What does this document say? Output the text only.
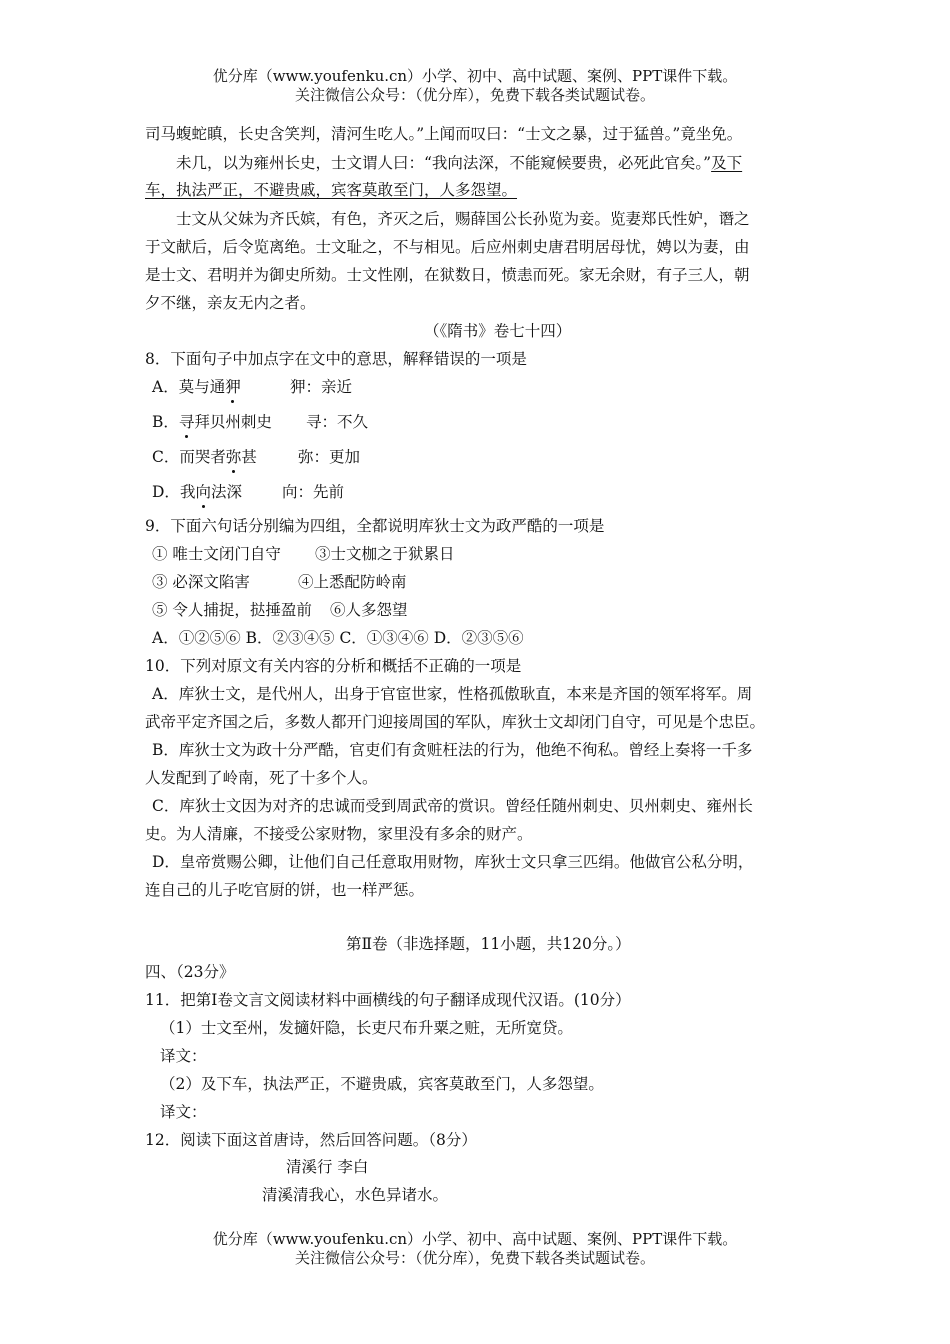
优分库（www.youfenku.cn）小学、初中、高中试题、案例、PPT课件下载。
关注微信公众号：（优分库），免费下载各类试题试卷。
司马蝮蛇瞋，长史含笑判，清河生吃人。”上闻而叹曰：“士文之暴，过于猛兽。”竟坐免。
未几，以为雍州长史，士文谓人曰：“我向法深，不能窥候要贵，必死此官矣。”及下
车，执法严正，不避贵戚，宾客莫敢至门，人多怨望。
士文从父妹为齐氏嫔，有色，齐灭之后，赐薛国公长孙览为妾。览妻郑氏性妒，谮之
于文献后，后令览离绝。士文耻之，不与相见。后应州刺史唐君明居母忧，娉以为妻，由
是士文、君明并为御史所劾。士文性刚，在狱数日，愤恚而死。家无余财，有子三人，朝
夕不继，亲友无内之者。
（《隋书》卷七十四）
8．下面句子中加点字在文中的意思，解释错误的一项是
A．莫与通狎	狎：亲近
B．寻拜贝州刺史 寻：不久
C．而哭者弥甚	弥：更加
D．我向法深	向：先前
9．下面六句话分别编为四组，全都说明库狄士文为政严酷的一项是
① 唯士文闭门自守 ③士文枷之于狱累日
③ 必深文陷害	④上悉配防岭南
⑤ 令人捕捉，挞捶盈前 ⑥人多怨望
A．①②⑤⑥ B．②③④⑤ C．①③④⑥ D．②③⑤⑥
10．下列对原文有关内容的分析和概括不正确的一项是
A．库狄士文，是代州人，出身于官宦世家，性格孤傲耿直，本来是齐国的领军将军。周
武帝平定齐国之后，多数人都开门迎接周国的军队，库狄士文却闭门自守，可见是个忠臣。
B．库狄士文为政十分严酷，官吏们有贪赃枉法的行为，他绝不徇私。曾经上奏将一千多
人发配到了岭南，死了十多个人。
C．库狄士文因为对齐的忠诚而受到周武帝的赏识。曾经任随州刺史、贝州刺史、雍州长
史。为人清廉，不接受公家财物，家里没有多余的财产。
D．皇帝赏赐公卿，让他们自己任意取用财物，库狄士文只拿三匹绢。他做官公私分明，
连自己的儿子吃官厨的饼，也一样严惩。
第Ⅱ卷（非选择题，11小题，共120分。）
四、（23分》
11．把第Ⅰ卷文言文阅读材料中画横线的句子翻译成现代汉语。(10分）
（1）士文至州，发擿奸隐，长吏尺布升粟之赃，无所宽贷。
译文：
（2）及下车，执法严正，不避贵戚，宾客莫敢至门，人多怨望。
译文：
12．阅读下面这首唐诗，然后回答问题。（8分）
清溪行 李白
清溪清我心，水色异诸水。
优分库（www.youfenku.cn）小学、初中、高中试题、案例、PPT课件下载。
关注微信公众号：（优分库），免费下载各类试题试卷。
